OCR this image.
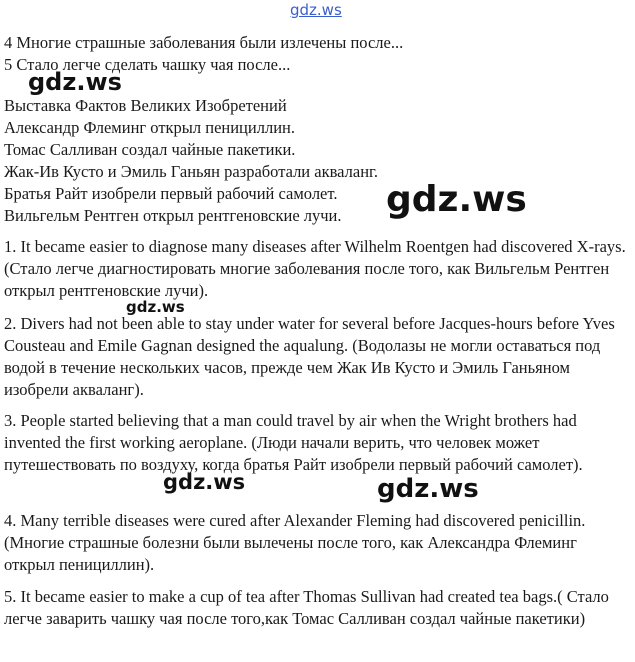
gdz.ws
gdz.ws
gdz.ws
gdz.ws
gdz.ws	gdz.ws
4 Многие страшные заболевания были излечены после...
5 Стало легче сделать чашку чая после...
Выставка Фактов Великих Изобретений
Александр Флеминг открыл пенициллин.
Томас Салливан создал чайные пакетики.
Жак-Ив Кусто и Эмиль Ганьян разработали акваланг.
Братья Райт изобрели первый рабочий самолет.
Вильгельм Рентген открыл рентгеновские лучи.

1. It became easier to diagnose many diseases after Wilhelm Roentgen had discovered X-rays. (Стало легче диагностировать многие заболевания после того, как Вильгельм Рентген открыл рентгеновские лучи).

2. Divers had not been able to stay under water for several before Jacques-hours before Yves Cousteau and Emile Gagnan designed the aqualung. (Водолазы не могли оставаться под водой в течение нескольких часов, прежде чем Жак Ив Кусто и Эмиль Ганьяном изобрели акваланг).

3. People started believing that a man could travel by air when the Wright brothers had invented the first working aeroplane. (Люди начали верить, что человек может путешествовать по воздуху, когда братья Райт изобрели первый рабочий самолет).

4. Many terrible diseases were cured after Alexander Fleming had discovered penicillin. (Многие страшные болезни были вылечены после того, как Александра Флеминг открыл пенициллин).

5. It became easier to make a cup of tea after Thomas Sullivan had created tea bags.( Стало легче заварить чашку чая после того,как Томас Салливан создал чайные пакетики)
